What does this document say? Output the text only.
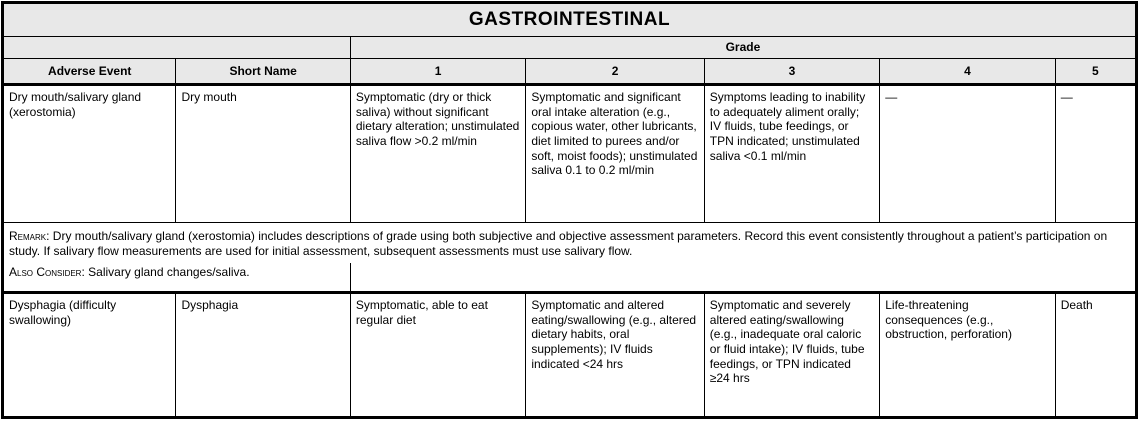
GASTROINTESTINAL						
		Grade				
Adverse Event	Short Name	1	2	3	4	5
Dry mouth/salivary gland (xerostomia)	Dry mouth	Symptomatic (dry or thick saliva) without significant dietary alteration; unstimulated saliva flow >0.2 ml/min	Symptomatic and significant oral intake alteration (e.g., copious water, other lubricants, diet limited to purees and/or soft, moist foods); unstimulated saliva 0.1 to 0.2 ml/min	Symptoms leading to inability to adequately aliment orally; IV fluids, tube feedings, or TPN indicated; unstimulated saliva <0.1 ml/min	—	—

Remark: Dry mouth/salivary gland (xerostomia) includes descriptions of grade using both subjective and objective assessment parameters. Record this event consistently throughout a patient’s participation on study. If salivary flow measurements are used for initial assessment, subsequent assessments must use salivary flow.						

Also Consider: Salivary gland changes/saliva.						

Dysphagia (difficulty swallowing)	Dysphagia	Symptomatic, able to eat regular diet	Symptomatic and altered eating/swallowing (e.g., altered dietary habits, oral supplements); IV fluids indicated <24 hrs	Symptomatic and severely altered eating/swallowing (e.g., inadequate oral caloric or fluid intake); IV fluids, tube feedings, or TPN indicated ≥24 hrs	Life-threatening consequences (e.g., obstruction, perforation)	Death
